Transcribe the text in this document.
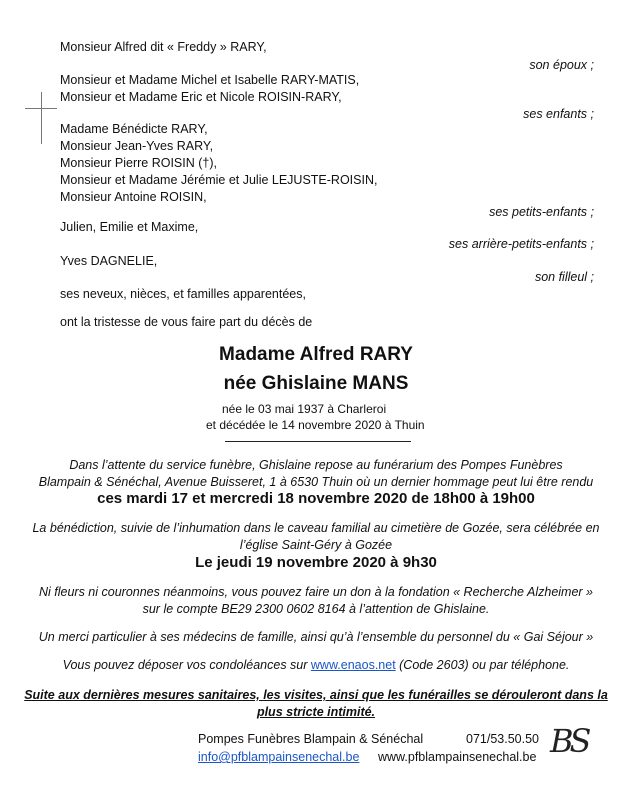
Monsieur Alfred dit « Freddy » RARY,
son époux ;
Monsieur et Madame Michel et Isabelle RARY-MATIS,
Monsieur et Madame Eric et Nicole ROISIN-RARY,
ses enfants ;
Madame Bénédicte RARY,
Monsieur Jean-Yves RARY,
Monsieur Pierre ROISIN (†),
Monsieur et Madame Jérémie et Julie LEJUSTE-ROISIN,
Monsieur Antoine ROISIN,
ses petits-enfants ;
Julien, Emilie et Maxime,
ses arrière-petits-enfants ;
Yves DAGNELIE,
son filleul ;
ses neveux, nièces, et familles apparentées,
ont la tristesse de vous faire part du décès de
Madame Alfred RARY
née Ghislaine MANS
née le 03 mai 1937 à Charleroi
et décédée le 14 novembre 2020 à Thuin
Dans l’attente du service funèbre, Ghislaine repose au funérarium des Pompes Funèbres
Blampain & Sénéchal, Avenue Buisseret, 1 à 6530 Thuin où un dernier hommage peut lui être rendu
ces mardi 17 et mercredi 18 novembre 2020 de 18h00 à 19h00
La bénédiction, suivie de l’inhumation dans le caveau familial au cimetière de Gozée, sera célébrée en
l’église Saint-Géry à Gozée
Le jeudi 19 novembre 2020 à 9h30
Ni fleurs ni couronnes néanmoins, vous pouvez faire un don à la fondation « Recherche Alzheimer »
sur le compte BE29 2300 0602 8164 à l’attention de Ghislaine.
Un merci particulier à ses médecins de famille, ainsi qu’à l’ensemble du personnel du « Gai Séjour »
Vous pouvez déposer vos condoléances sur www.enaos.net (Code 2603) ou par téléphone.
Suite aux dernières mesures sanitaires, les visites, ainsi que les funérailles se dérouleront dans la
plus stricte intimité.
Pompes Funèbres Blampain & Sénéchal	071/53.50.50
info@pfblampainsenechal.be www.pfblampainsenechal.be BS
